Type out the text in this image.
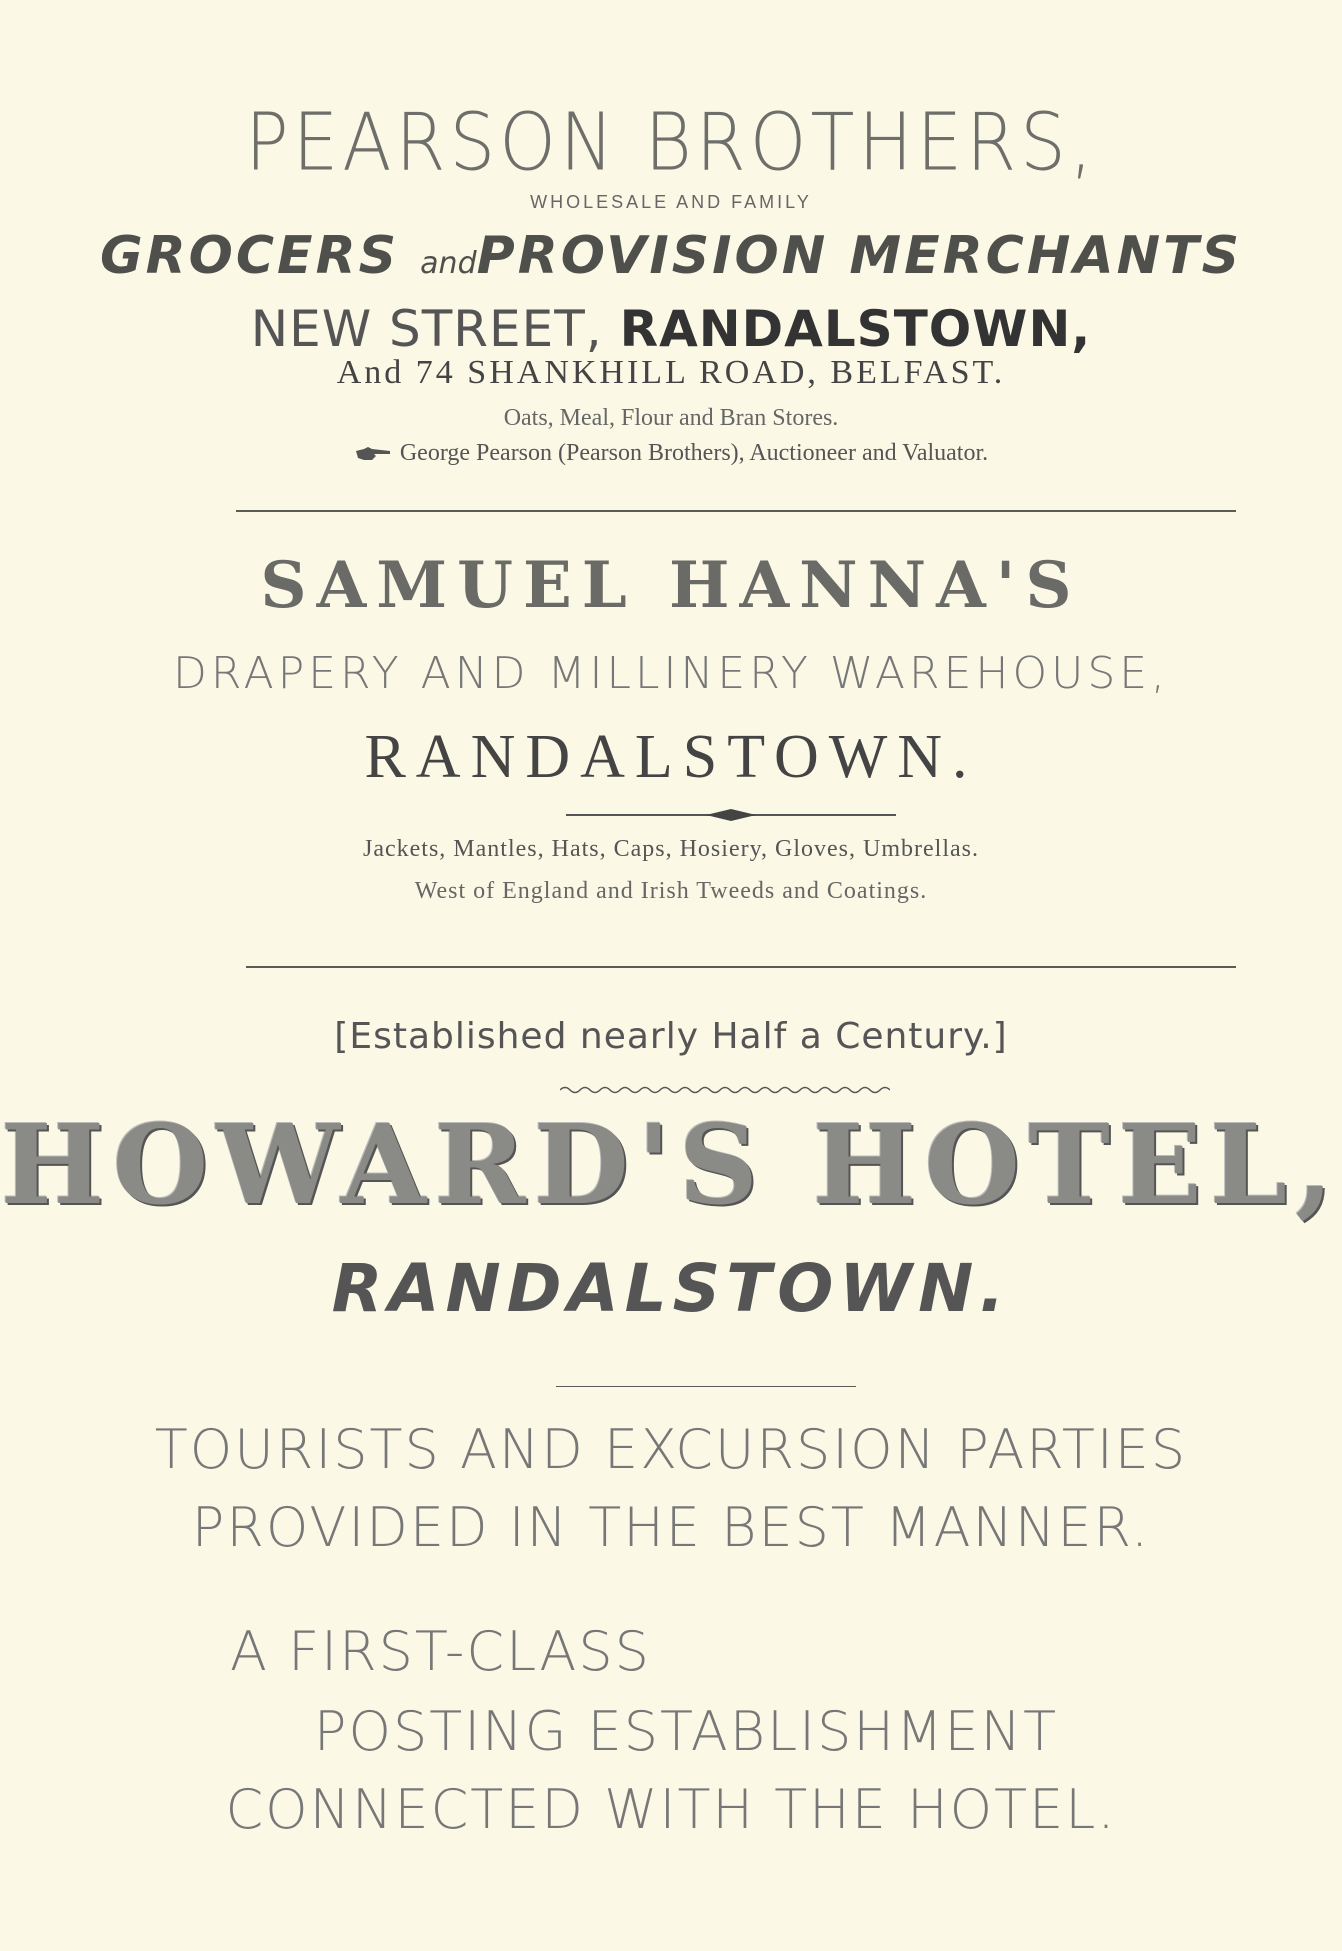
PEARSON BROTHERS,
WHOLESALE AND FAMILY
GROCERS andPROVISION MERCHANTS
NEW STREET, RANDALSTOWN,
And 74 SHANKHILL ROAD, BELFAST.
Oats, Meal, Flour and Bran Stores.
George Pearson (Pearson Brothers), Auctioneer and Valuator.
SAMUEL HANNA'S
DRAPERY AND MILLINERY WAREHOUSE,
RANDALSTOWN.
Jackets, Mantles, Hats, Caps, Hosiery, Gloves, Umbrellas.
West of England and Irish Tweeds and Coatings.
[Established nearly Half a Century.]
HOWARD'S HOTEL,
RANDALSTOWN.
TOURISTS AND EXCURSION PARTIES
PROVIDED IN THE BEST MANNER.
A FIRST-CLASS
POSTING ESTABLISHMENT
CONNECTED WITH THE HOTEL.
